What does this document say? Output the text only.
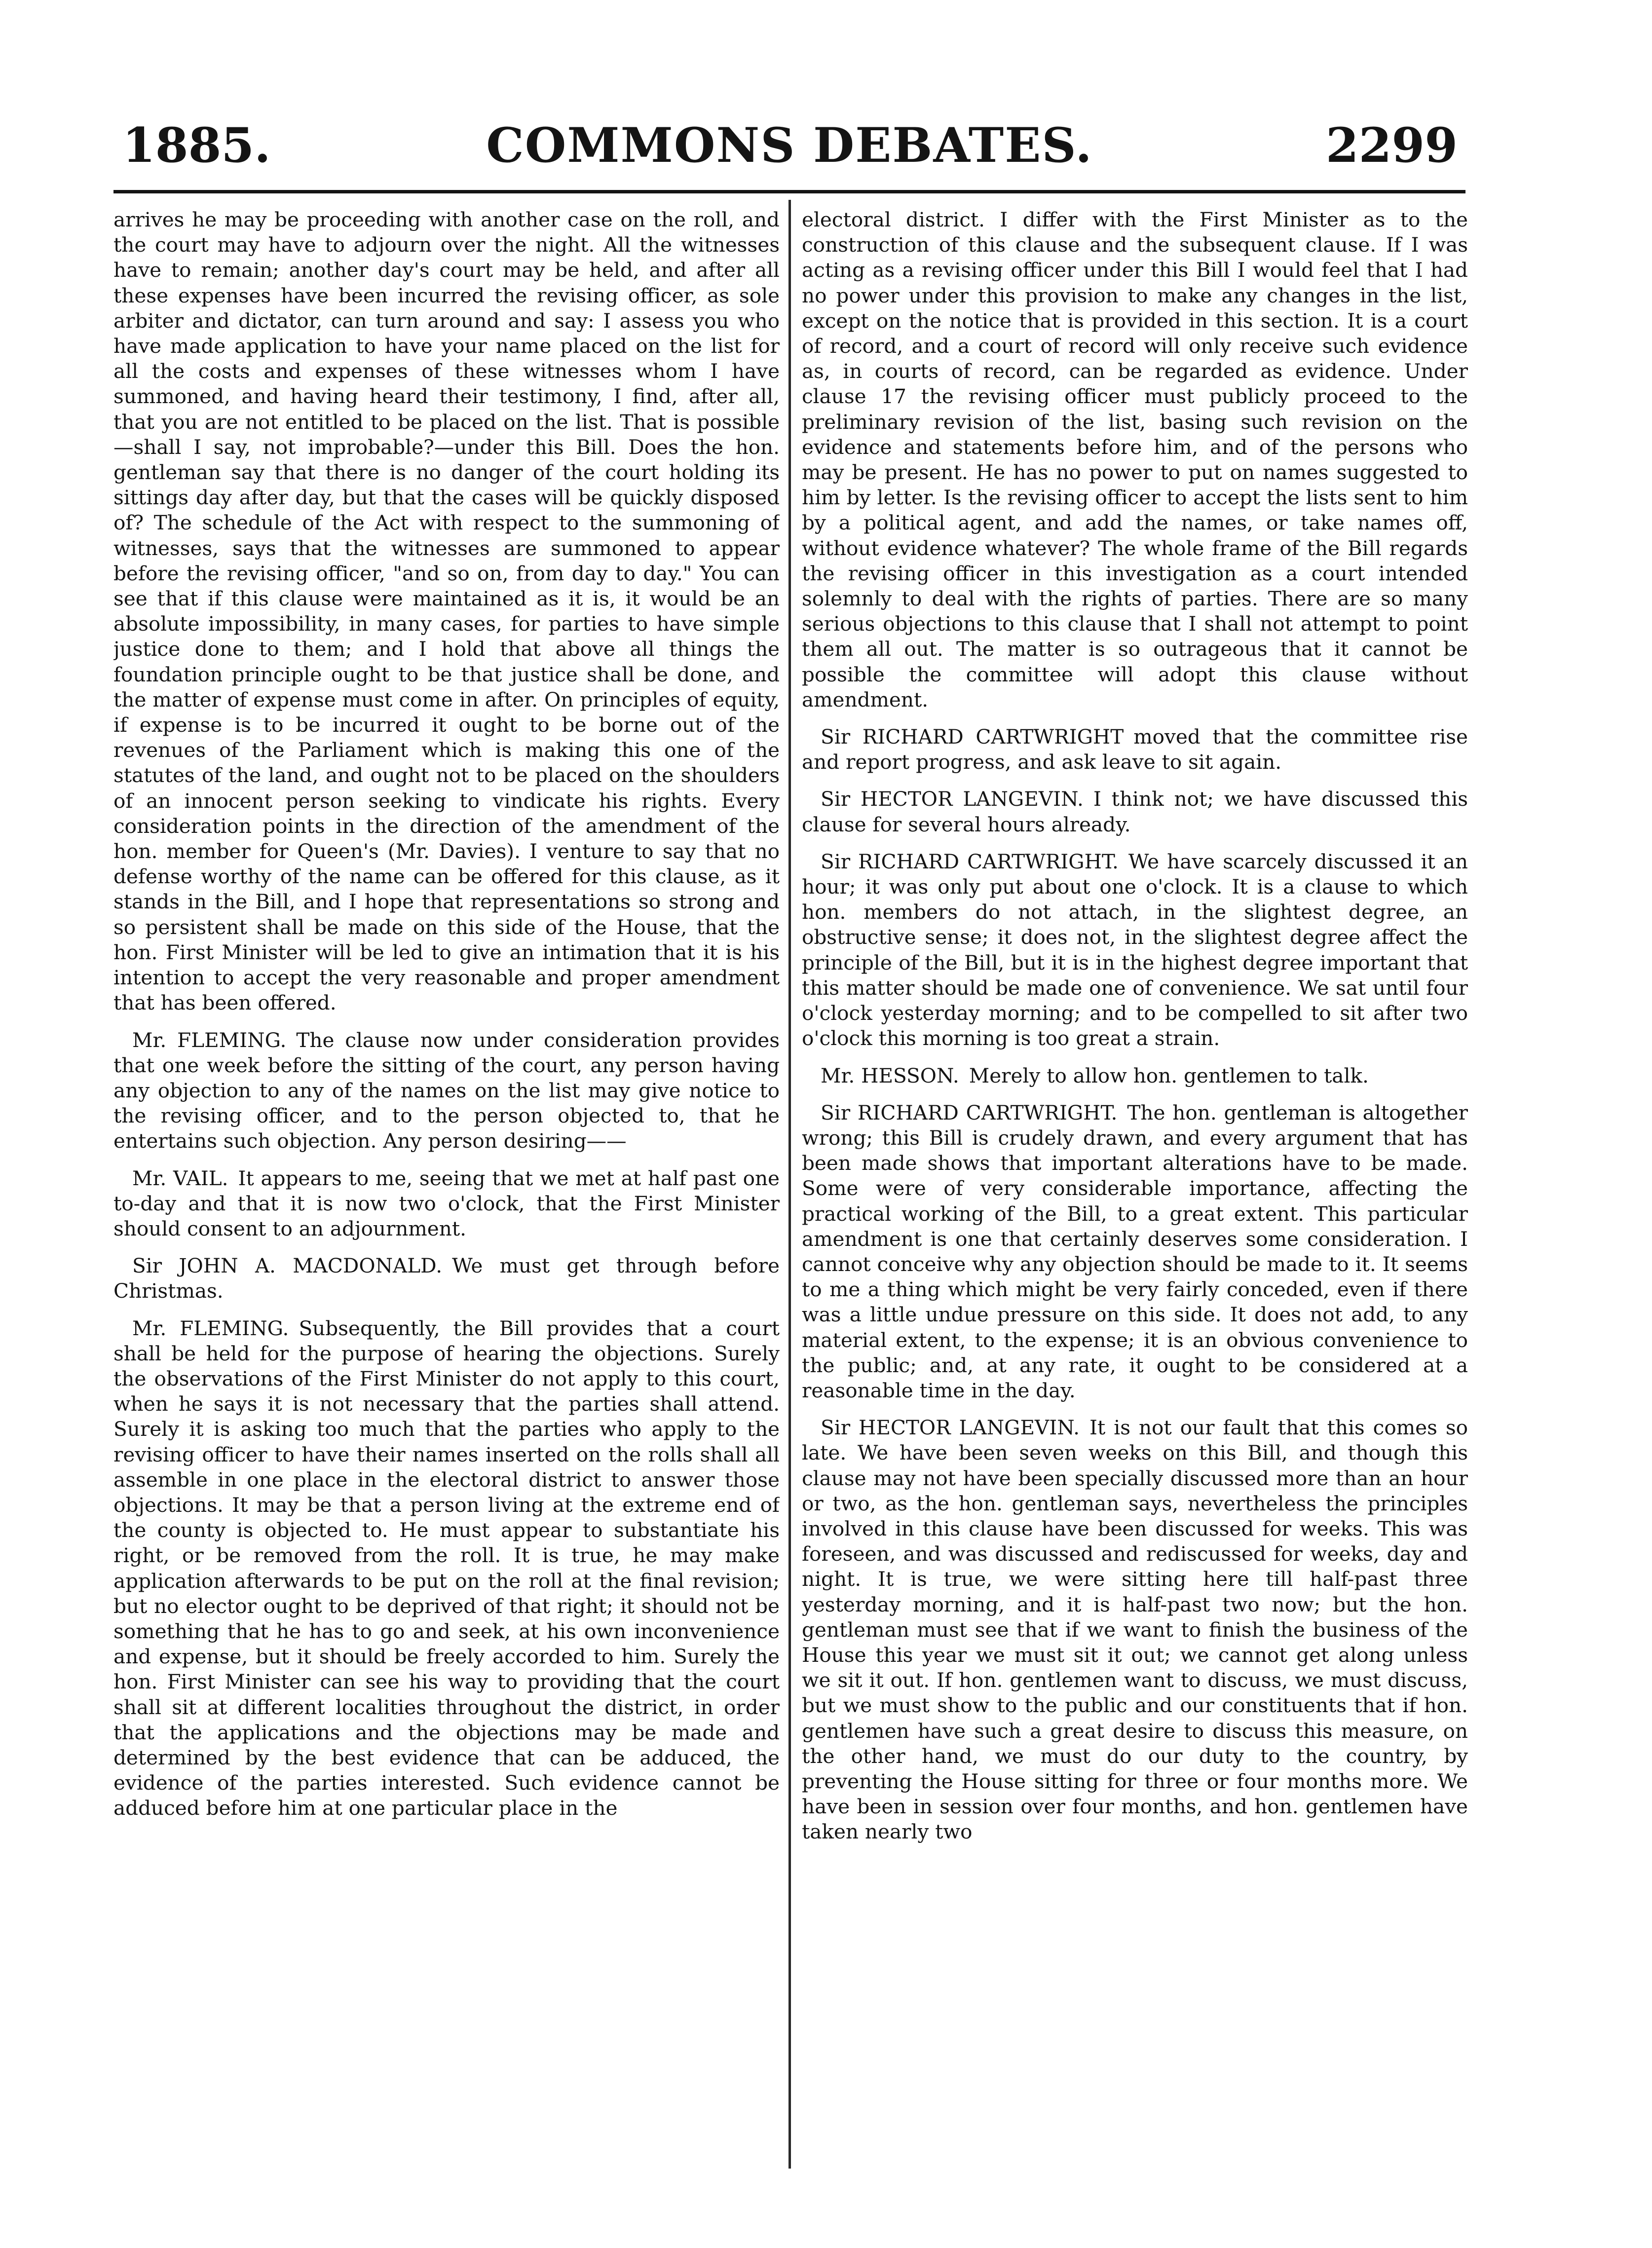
1885.	COMMONS DEBATES.	2299

arrives he may be proceeding with another case on the roll, and the court may have to adjourn over the night. All the witnesses have to remain; another day's court may be held, and after all these expenses have been incurred the revising officer, as sole arbiter and dictator, can turn around and say: I assess you who have made application to have your name placed on the list for all the costs and expenses of these witnesses whom I have summoned, and having heard their testimony, I find, after all, that you are not entitled to be placed on the list. That is possible—shall I say, not improbable?—under this Bill. Does the hon. gentleman say that there is no danger of the court holding its sittings day after day, but that the cases will be quickly disposed of? The schedule of the Act with respect to the summoning of witnesses, says that the witnesses are summoned to appear before the revising officer, "and so on, from day to day." You can see that if this clause were maintained as it is, it would be an absolute impossibility, in many cases, for parties to have simple justice done to them; and I hold that above all things the foundation principle ought to be that justice shall be done, and the matter of expense must come in after. On principles of equity, if expense is to be incurred it ought to be borne out of the revenues of the Parliament which is making this one of the statutes of the land, and ought not to be placed on the shoulders of an innocent person seeking to vindicate his rights. Every consideration points in the direction of the amendment of the hon. member for Queen's (Mr. Davies). I venture to say that no defense worthy of the name can be offered for this clause, as it stands in the Bill, and I hope that representations so strong and so persistent shall be made on this side of the House, that the hon. First Minister will be led to give an intimation that it is his intention to accept the very reasonable and proper amendment that has been offered.

Mr. FLEMING. The clause now under consideration provides that one week before the sitting of the court, any person having any objection to any of the names on the list may give notice to the revising officer, and to the person objected to, that he entertains such objection. Any person desiring——

Mr. VAIL. It appears to me, seeing that we met at half past one to-day and that it is now two o'clock, that the First Minister should consent to an adjournment.

Sir JOHN A. MACDONALD. We must get through before Christmas.

Mr. FLEMING. Subsequently, the Bill provides that a court shall be held for the purpose of hearing the objections. Surely the observations of the First Minister do not apply to this court, when he says it is not necessary that the parties shall attend. Surely it is asking too much that the parties who apply to the revising officer to have their names inserted on the rolls shall all assemble in one place in the electoral district to answer those objections. It may be that a person living at the extreme end of the county is objected to. He must appear to substantiate his right, or be removed from the roll. It is true, he may make application afterwards to be put on the roll at the final revision; but no elector ought to be deprived of that right; it should not be something that he has to go and seek, at his own inconvenience and expense, but it should be freely accorded to him. Surely the hon. First Minister can see his way to providing that the court shall sit at different localities throughout the district, in order that the applications and the objections may be made and determined by the best evidence that can be adduced, the evidence of the parties interested. Such evidence cannot be adduced before him at one particular place in the

electoral district. I differ with the First Minister as to the construction of this clause and the subsequent clause. If I was acting as a revising officer under this Bill I would feel that I had no power under this provision to make any changes in the list, except on the notice that is provided in this section. It is a court of record, and a court of record will only receive such evidence as, in courts of record, can be regarded as evidence. Under clause 17 the revising officer must publicly proceed to the preliminary revision of the list, basing such revision on the evidence and statements before him, and of the persons who may be present. He has no power to put on names suggested to him by letter. Is the revising officer to accept the lists sent to him by a political agent, and add the names, or take names off, without evidence whatever? The whole frame of the Bill regards the revising officer in this investigation as a court intended solemnly to deal with the rights of parties. There are so many serious objections to this clause that I shall not attempt to point them all out. The matter is so outrageous that it cannot be possible the committee will adopt this clause without amendment.

Sir RICHARD CARTWRIGHT moved that the committee rise and report progress, and ask leave to sit again.

Sir HECTOR LANGEVIN. I think not; we have discussed this clause for several hours already.

Sir RICHARD CARTWRIGHT. We have scarcely discussed it an hour; it was only put about one o'clock. It is a clause to which hon. members do not attach, in the slightest degree, an obstructive sense; it does not, in the slightest degree affect the principle of the Bill, but it is in the highest degree important that this matter should be made one of convenience. We sat until four o'clock yesterday morning; and to be compelled to sit after two o'clock this morning is too great a strain.

Mr. HESSON. Merely to allow hon. gentlemen to talk.

Sir RICHARD CARTWRIGHT. The hon. gentleman is altogether wrong; this Bill is crudely drawn, and every argument that has been made shows that important alterations have to be made. Some were of very considerable importance, affecting the practical working of the Bill, to a great extent. This particular amendment is one that certainly deserves some consideration. I cannot conceive why any objection should be made to it. It seems to me a thing which might be very fairly conceded, even if there was a little undue pressure on this side. It does not add, to any material extent, to the expense; it is an obvious convenience to the public; and, at any rate, it ought to be considered at a reasonable time in the day.

Sir HECTOR LANGEVIN. It is not our fault that this comes so late. We have been seven weeks on this Bill, and though this clause may not have been specially discussed more than an hour or two, as the hon. gentleman says, nevertheless the principles involved in this clause have been discussed for weeks. This was foreseen, and was discussed and rediscussed for weeks, day and night. It is true, we were sitting here till half-past three yesterday morning, and it is half-past two now; but the hon. gentleman must see that if we want to finish the business of the House this year we must sit it out; we cannot get along unless we sit it out. If hon. gentlemen want to discuss, we must discuss, but we must show to the public and our constituents that if hon. gentlemen have such a great desire to discuss this measure, on the other hand, we must do our duty to the country, by preventing the House sitting for three or four months more. We have been in session over four months, and hon. gentlemen have taken nearly two
